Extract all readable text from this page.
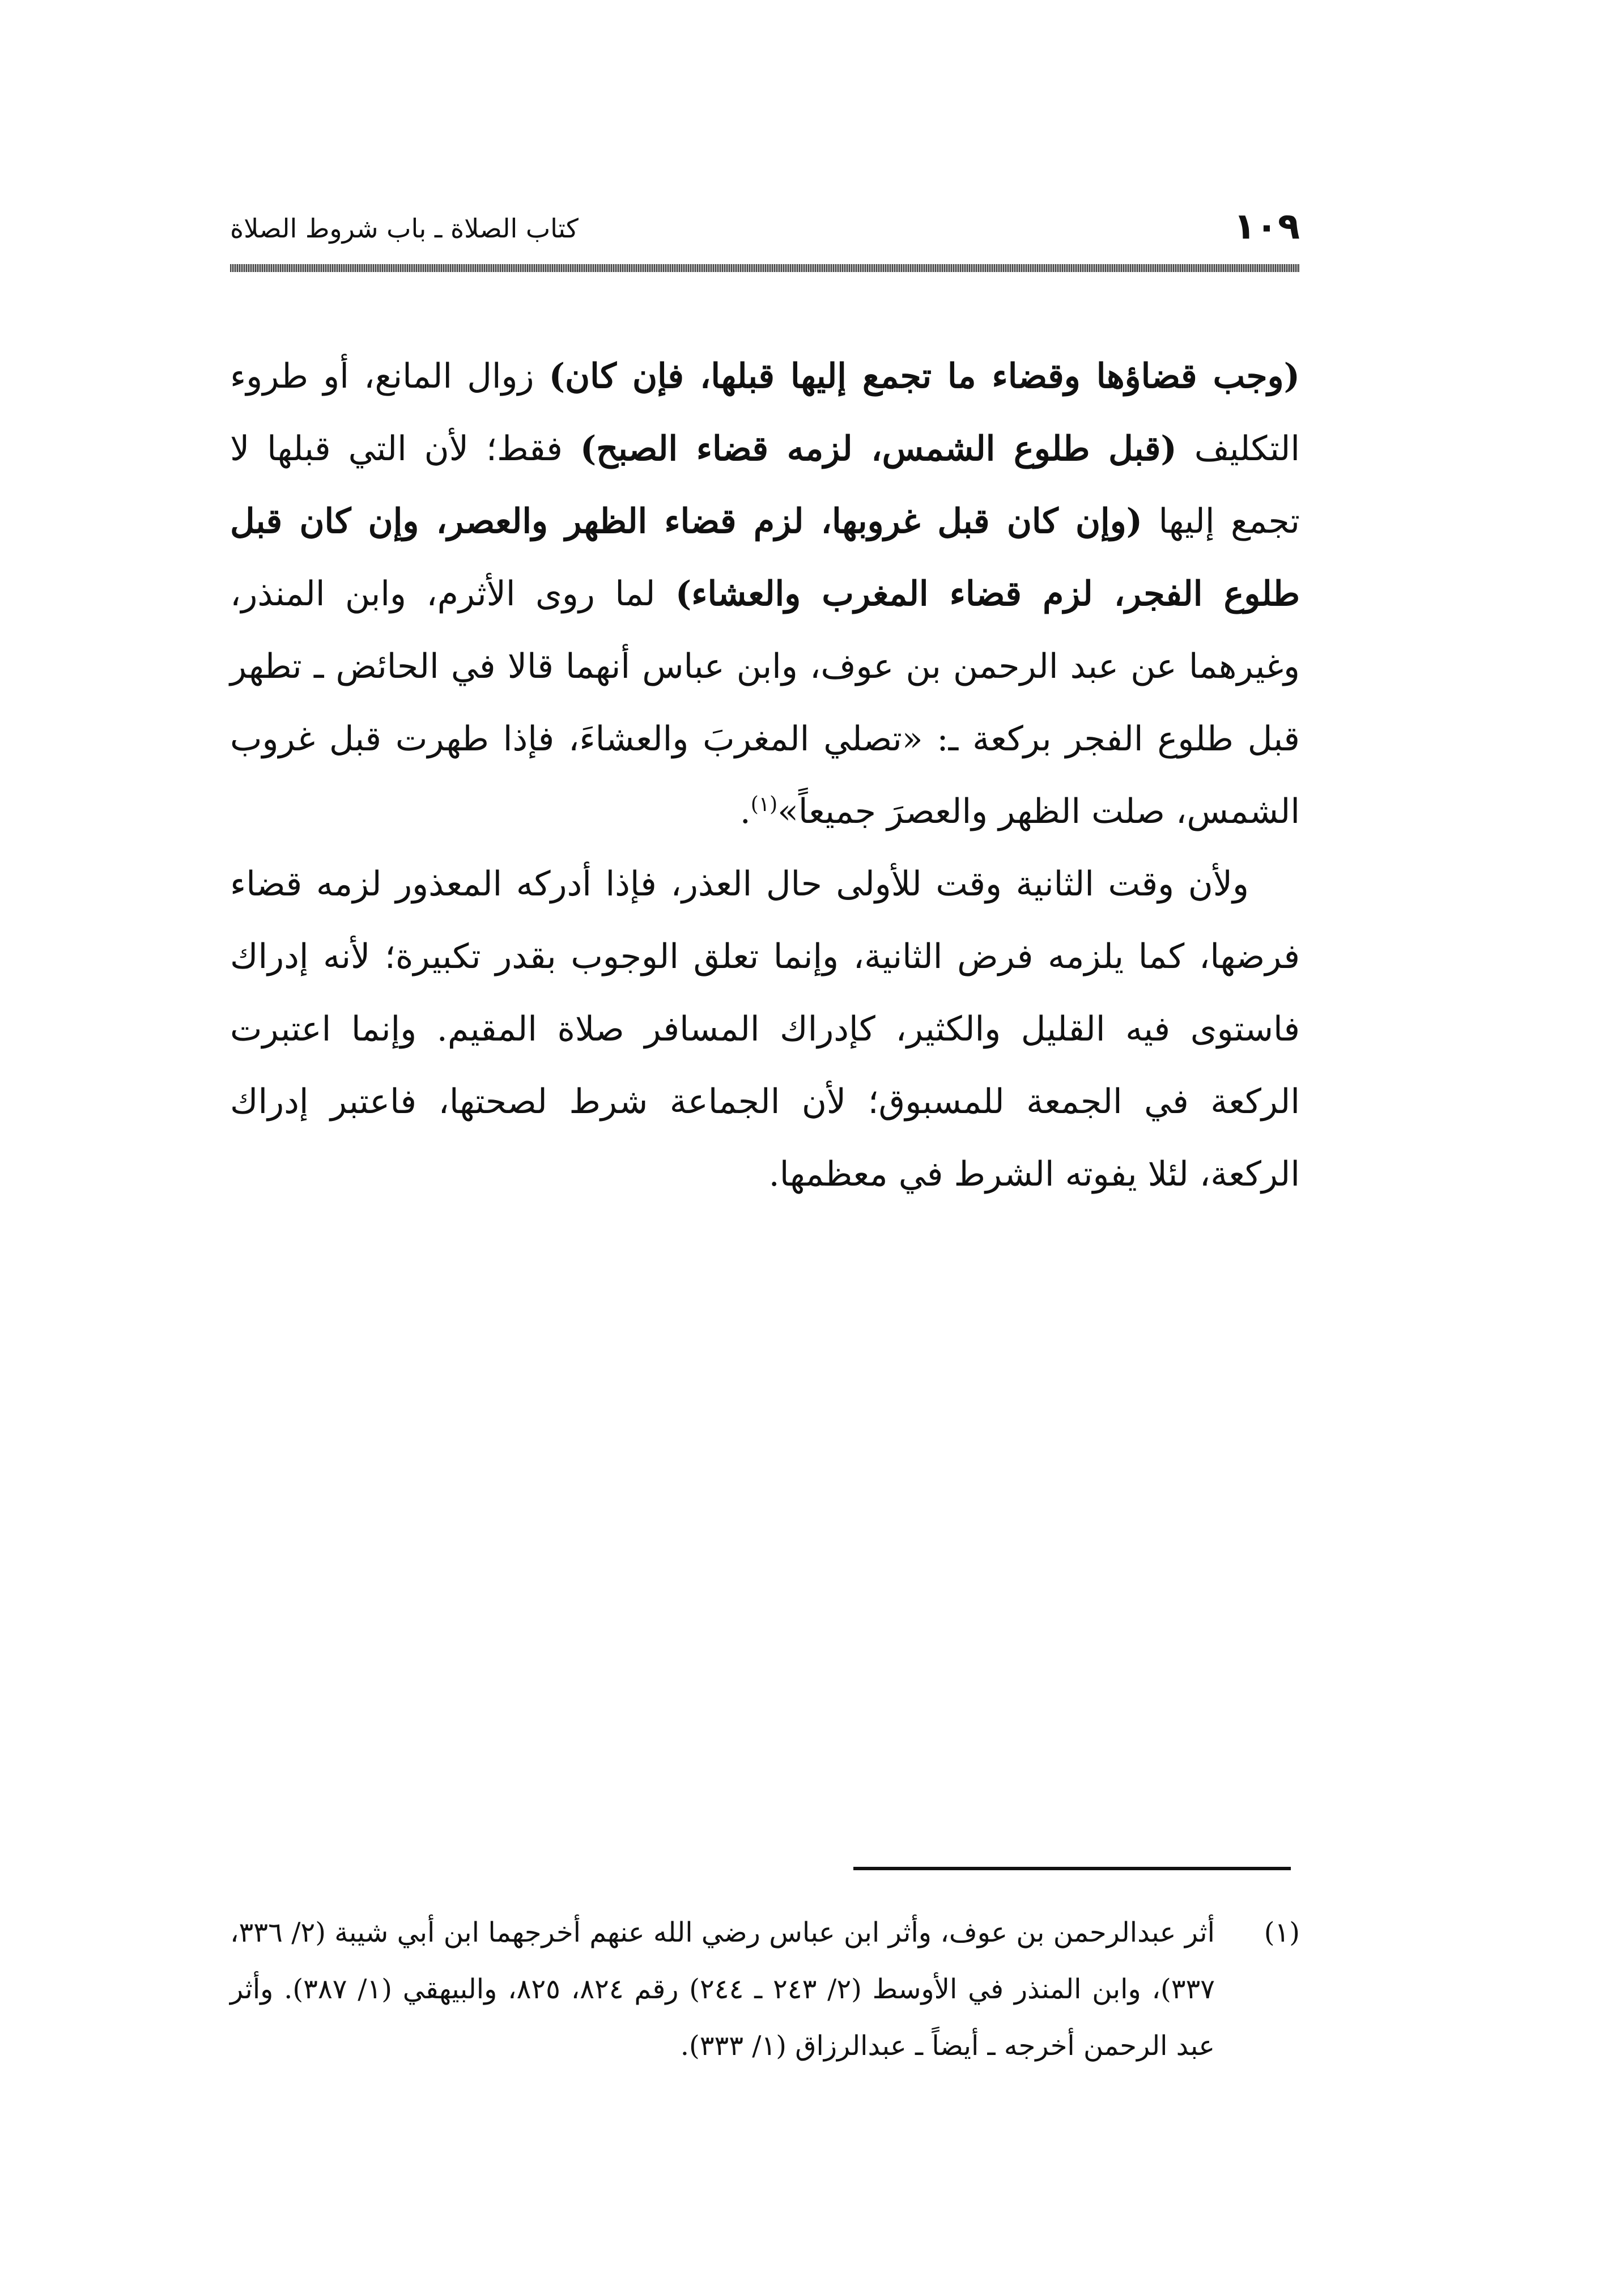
١٠٩
كتاب الصلاة ـ باب شروط الصلاة

(وجب قضاؤها وقضاء ما تجمع إليها قبلها، فإن كان) زوال المانع، أو طروء التكليف (قبل طلوع الشمس، لزمه قضاء الصبح) فقط؛ لأن التي قبلها لا تجمع إليها (وإن كان قبل غروبها، لزم قضاء الظهر والعصر، وإن كان قبل طلوع الفجر، لزم قضاء المغرب والعشاء) لما روى الأثرم، وابن المنذر، وغيرهما عن عبد الرحمن بن عوف، وابن عباس أنهما قالا في الحائض ـ تطهر قبل طلوع الفجر بركعة ـ: «تصلي المغربَ والعشاءَ، فإذا طهرت قبل غروب الشمس، صلت الظهر والعصرَ جميعاً»$^{(١)}$.

ولأن وقت الثانية وقت للأولى حال العذر، فإذا أدركه المعذور لزمه قضاء فرضها، كما يلزمه فرض الثانية، وإنما تعلق الوجوب بقدر تكبيرة؛ لأنه إدراك فاستوى فيه القليل والكثير، كإدراك المسافر صلاة المقيم. وإنما اعتبرت الركعة في الجمعة للمسبوق؛ لأن الجماعة شرط لصحتها، فاعتبر إدراك الركعة، لئلا يفوته الشرط في معظمها.

(١)
أثر عبدالرحمن بن عوف، وأثر ابن عباس رضي الله عنهم أخرجهما ابن أبي شيبة (٢/ ٣٣٦، ٣٣٧)، وابن المنذر في الأوسط (٢/ ٢٤٣ ـ ٢٤٤) رقم ٨٢٤، ٨٢٥، والبيهقي (١/ ٣٨٧). وأثر عبد الرحمن أخرجه ـ أيضاً ـ عبدالرزاق (١/ ٣٣٣).
